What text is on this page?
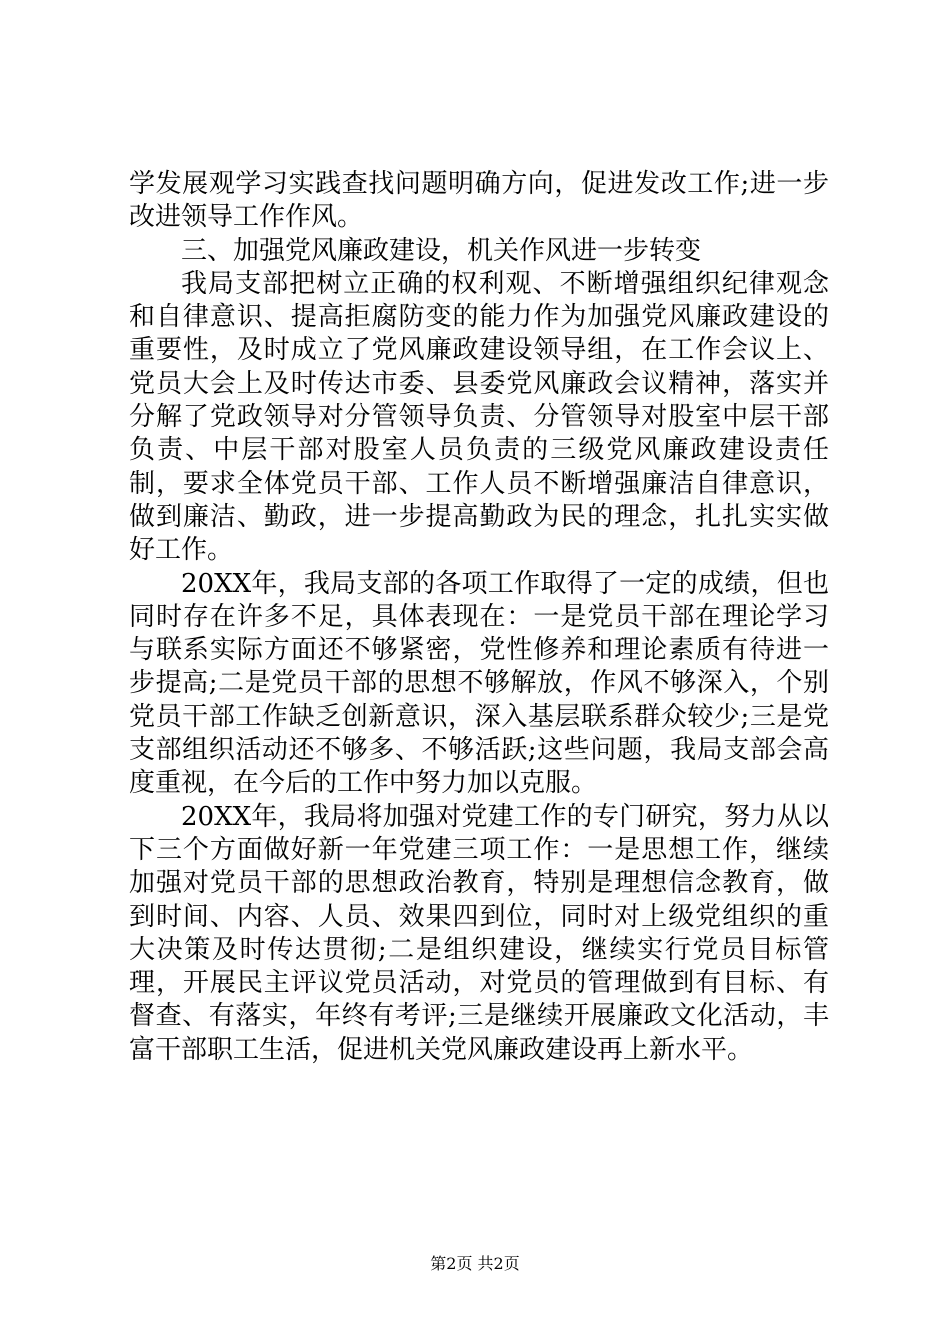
学发展观学习实践查找问题明确方向，促进发改工作;进一步改进领导工作作风。

三、加强党风廉政建设，机关作风进一步转变

我局支部把树立正确的权利观、不断增强组织纪律观念和自律意识、提高拒腐防变的能力作为加强党风廉政建设的重要性，及时成立了党风廉政建设领导组，在工作会议上、党员大会上及时传达市委、县委党风廉政会议精神，落实并分解了党政领导对分管领导负责、分管领导对股室中层干部负责、中层干部对股室人员负责的三级党风廉政建设责任制，要求全体党员干部、工作人员不断增强廉洁自律意识，做到廉洁、勤政，进一步提高勤政为民的理念，扎扎实实做好工作。

20XX年，我局支部的各项工作取得了一定的成绩，但也同时存在许多不足，具体表现在：一是党员干部在理论学习与联系实际方面还不够紧密，党性修养和理论素质有待进一步提高;二是党员干部的思想不够解放，作风不够深入，个别党员干部工作缺乏创新意识，深入基层联系群众较少;三是党支部组织活动还不够多、不够活跃;这些问题，我局支部会高度重视，在今后的工作中努力加以克服。

20XX年，我局将加强对党建工作的专门研究，努力从以下三个方面做好新一年党建三项工作：一是思想工作，继续加强对党员干部的思想政治教育，特别是理想信念教育，做到时间、内容、人员、效果四到位，同时对上级党组织的重大决策及时传达贯彻;二是组织建设，继续实行党员目标管理，开展民主评议党员活动，对党员的管理做到有目标、有督查、有落实，年终有考评;三是继续开展廉政文化活动，丰富干部职工生活，促进机关党风廉政建设再上新水平。

第2页 共2页
